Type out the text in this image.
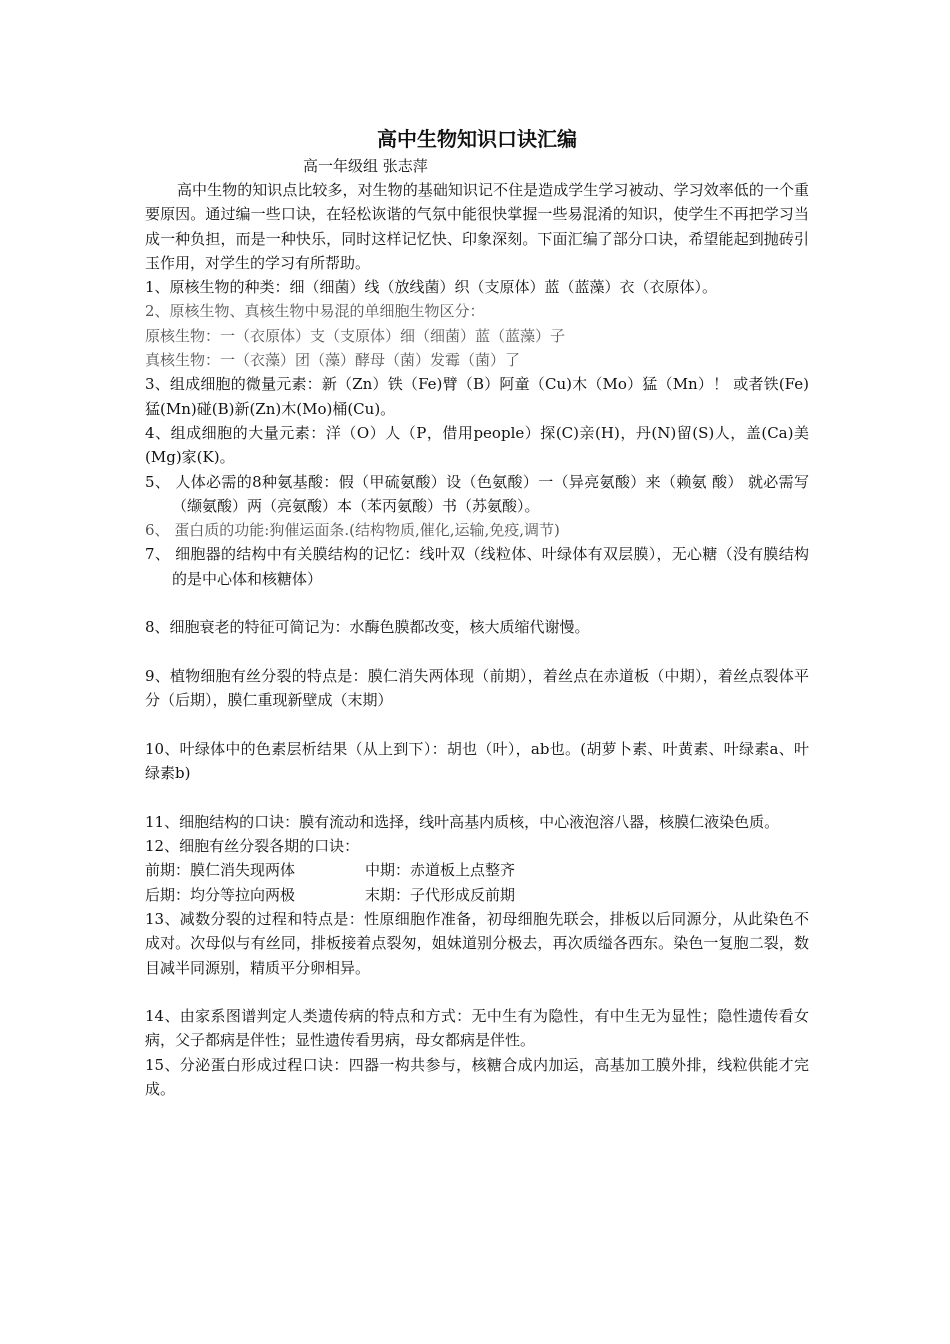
高中生物知识口诀汇编

高一年级组 张志萍

高中生物的知识点比较多，对生物的基础知识记不住是造成学生学习被动、学习效率低的一个重要原因。通过编一些口诀，在轻松诙谐的气氛中能很快掌握一些易混淆的知识，使学生不再把学习当成一种负担，而是一种快乐，同时这样记忆快、印象深刻。下面汇编了部分口诀，希望能起到抛砖引玉作用，对学生的学习有所帮助。

1、原核生物的种类：细（细菌）线（放线菌）织（支原体）蓝（蓝藻）衣（衣原体）。

2、原核生物、真核生物中易混的单细胞生物区分：

原核生物：一（衣原体）支（支原体）细（细菌）蓝（蓝藻）子

真核生物：一（衣藻）团（藻）酵母（菌）发霉（菌）了

3、组成细胞的微量元素：新（Zn）铁（Fe)臂（B）阿童（Cu)木（Mo）猛（Mn）！ 或者铁(Fe)猛(Mn)碰(B)新(Zn)木(Mo)桶(Cu)。

4、组成细胞的大量元素：洋（O）人（P，借用people）探(C)亲(H)，丹(N)留(S)人，盖(Ca)美(Mg)家(K)。

5、 人体必需的8种氨基酸：假（甲硫氨酸）设（色氨酸）一（异亮氨酸）来（赖氨 酸） 就必需写（缬氨酸）两（亮氨酸）本（苯丙氨酸）书（苏氨酸）。

6、 蛋白质的功能:狗催运面条.(结构物质,催化,运输,免疫,调节)

7、 细胞器的结构中有关膜结构的记忆：线叶双（线粒体、叶绿体有双层膜），无心糖（没有膜结构的是中心体和核糖体）

8、细胞衰老的特征可简记为：水酶色膜都改变，核大质缩代谢慢。

9、植物细胞有丝分裂的特点是：膜仁消失两体现（前期），着丝点在赤道板（中期），着丝点裂体平分（后期），膜仁重现新壁成（末期）

10、叶绿体中的色素层析结果（从上到下）：胡也（叶），ab也。(胡萝卜素、叶黄素、叶绿素a、叶绿素b)

11、细胞结构的口诀：膜有流动和选择，线叶高基内质核，中心液泡溶八器，核膜仁液染色质。

12、细胞有丝分裂各期的口诀：

前期：膜仁消失现两体	中期：赤道板上点整齐
后期：均分等拉向两极	末期：子代形成反前期

13、减数分裂的过程和特点是：性原细胞作准备，初母细胞先联会，排板以后同源分，从此染色不成对。次母似与有丝同，排板接着点裂匆，姐妹道别分极去，再次质缢各西东。染色一复胞二裂，数目减半同源别，精质平分卵相异。

14、由家系图谱判定人类遗传病的特点和方式：无中生有为隐性，有中生无为显性；隐性遗传看女病，父子都病是伴性；显性遗传看男病，母女都病是伴性。

15、分泌蛋白形成过程口诀：四器一构共参与，核糖合成内加运，高基加工膜外排，线粒供能才完成。
